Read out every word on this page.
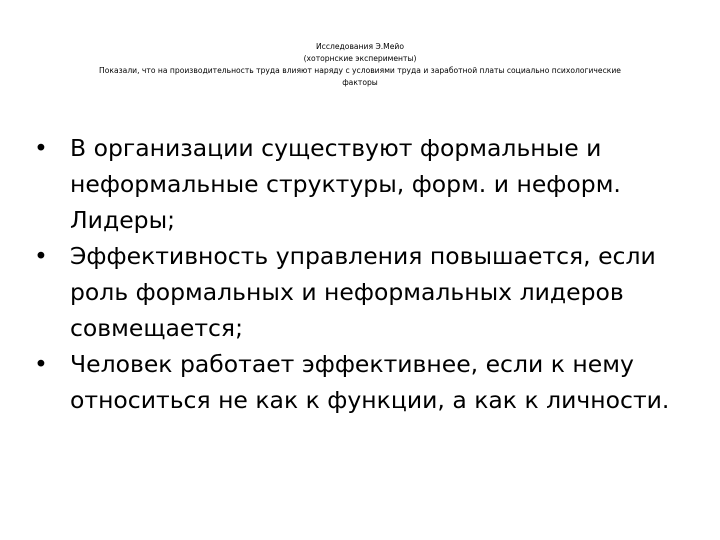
Исследования Э.Мейо
(хоторнские эксперименты)
Показали, что на производительность труда влияют наряду с условиями труда и заработной платы социально психологические
факторы
• В организации существуют формальные и неформальные структуры, форм. и неформ. Лидеры;
• Эффективность управления повышается, если роль формальных и неформальных лидеров совмещается;
• Человек работает эффективнее, если к нему относиться не как к функции, а как к личности.
